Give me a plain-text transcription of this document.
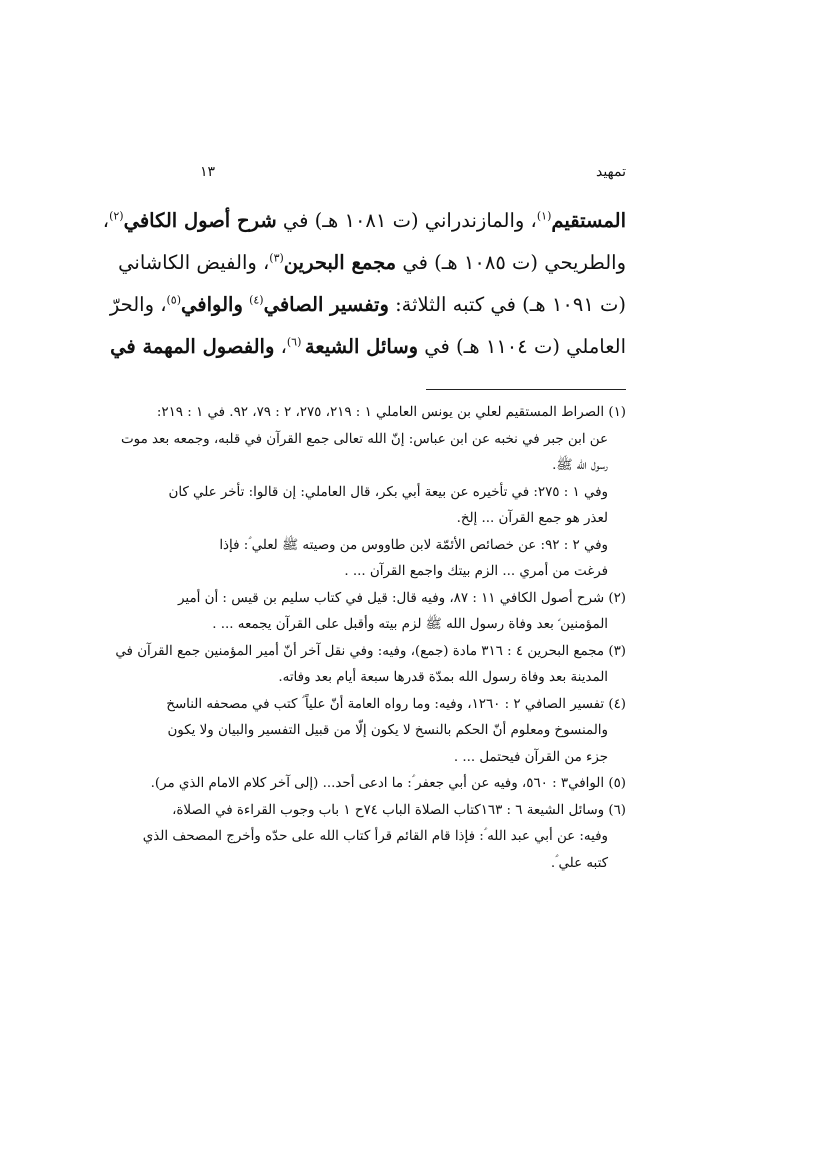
تمهيد
١٣
المستقيم$^{(١)}$، والمازندراني (ت ١٠٨١ هـ) في شرح أصول الكافي$^{(٢)}$،
والطريحي (ت ١٠٨٥ هـ) في مجمع البحرين$^{(٣)}$، والفيض الكاشاني
(ت ١٠٩١ هـ) في كتبه الثلاثة: وتفسير الصافي$^{(٤)}$ والوافي$^{(٥)}$، والحرّ
العاملي (ت ١١٠٤ هـ) في وسائل الشيعة $^{(٦)}$، والفصول المهمة في
(١) الصراط المستقيم لعلي بن يونس العاملي ١ : ٢١٩، ٢٧٥، ٢ : ٧٩، ٩٢. في ١ : ٢١٩:
عن ابن جبر في نخبه عن ابن عباس: إنّ الله تعالى جمع القرآن في قلبه، وجمعه بعد موت
رسول الله ﷺ.
وفي ١ : ٢٧٥: في تأخيره عن بيعة أبي بكر، قال العاملي: إن قالوا: تأخر علي كان
لعذر هو جمع القرآن ... إلخ.
وفي ٢ : ٩٢: عن خصائص الأئمّة لابن طاووس من وصيته ﷺ لعلي ؑ: فإذا
فرغت من أمري ... الزم بيتك واجمع القرآن ... .
(٢) شرح أصول الكافي ١١ : ٨٧، وفيه قال: قيل في كتاب سليم بن قيس : أن أمير
المؤمنين ؑ بعد وفاة رسول الله ﷺ لزم بيته وأقبل على القرآن يجمعه ... .
(٣) مجمع البحرين ٤ : ٣١٦ مادة (جمع)، وفيه: وفي نقل آخر أنّ أمير المؤمنين جمع القرآن في
المدينة بعد وفاة رسول الله بمدّة قدرها سبعة أيام بعد وفاته.
(٤) تفسير الصافي ٢ : ١٢٦٠، وفيه: وما رواه العامة أنّ علياً ؑ كتب في مصحفه الناسخ
والمنسوخ ومعلوم أنّ الحكم بالنسخ لا يكون إلّا من قبيل التفسير والبيان ولا يكون
جزء من القرآن فيحتمل ... .
(٥) الوافي٣ : ٥٦٠، وفيه عن أبي جعفر ؑ: ما ادعى أحد... (إلى آخر كلام الامام الذي مر).
(٦) وسائل الشيعة ٦ : ١٦٣كتاب الصلاة الباب ٧٤ح ١ باب وجوب القراءة في الصلاة،
وفيه: عن أبي عبد الله ؑ: فإذا قام القائم قرأ كتاب الله على حدّه وأخرج المصحف الذي
كتبه علي ؑ.
